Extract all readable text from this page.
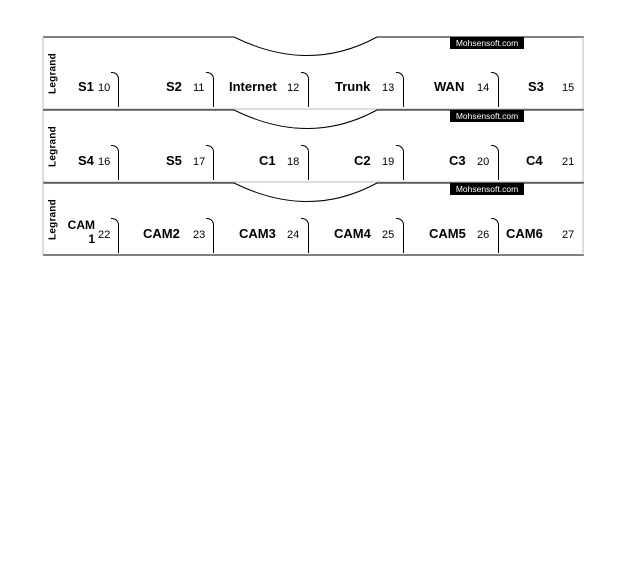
Legrand
Mohsensoft.com
S1 10	S2 11 Internet 12	Trunk 13	WAN 14	S3 15
Legrand
Mohsensoft.com
S4 16	S5 17	C1 18	C2 19	C3 20	C4 21
Legrand
Mohsensoft.com
CAM 1 22	CAM2 23	CAM3 24	CAM4 25	CAM5 26 CAM6 27
